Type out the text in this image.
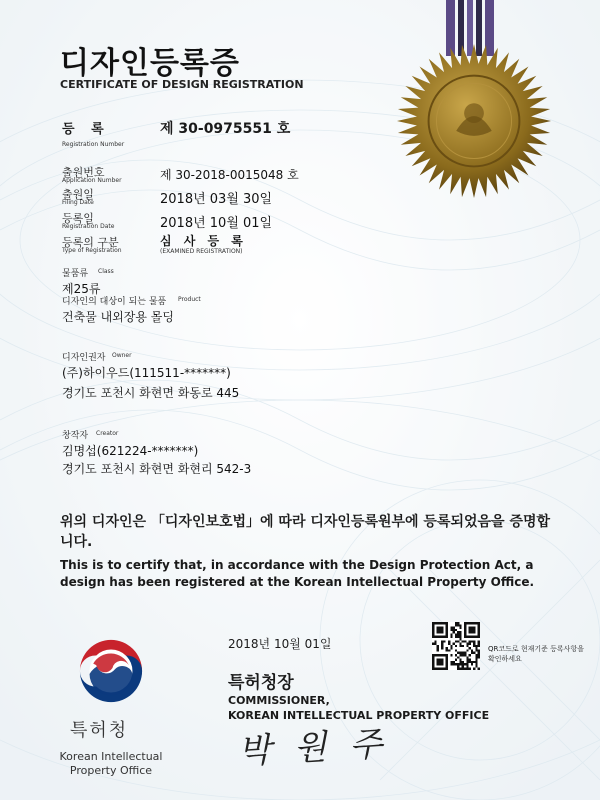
디자인등록증
CERTIFICATE OF DESIGN REGISTRATION
등 록
Registration Number
제 30-0975551 호
출원번호
Application Number	제 30-2018-0015048 호
출원일
Filing Date	2018년 03월 30일
등록일
Registration Date	2018년 10월 01일
등록의 구분
Type of Registration
심 사 등 록
(EXAMINED REGISTRATION)
물품류 Class
제25류
디자인의 대상이 되는 물품 Product
건축물 내외장용 몰딩
디자인권자 Owner
(주)하이우드(111511-*******)
경기도 포천시 화현면 화동로 445
창작자 Creator
김명섭(621224-*******)
경기도 포천시 화현면 화현리 542-3
위의 디자인은 「디자인보호법」에 따라 디자인등록원부에 등록되었음을 증명합니다.
This is to certify that, in accordance with the Design Protection Act, a design has been registered at the Korean Intellectual Property Office.
2018년 10월 01일
특허청장
COMMISSIONER,
KOREAN INTELLECTUAL PROPERTY OFFICE
박 원 주
QR코드로 현재기준 등록사항을 확인하세요
특허청
Korean Intellectual Property Office
